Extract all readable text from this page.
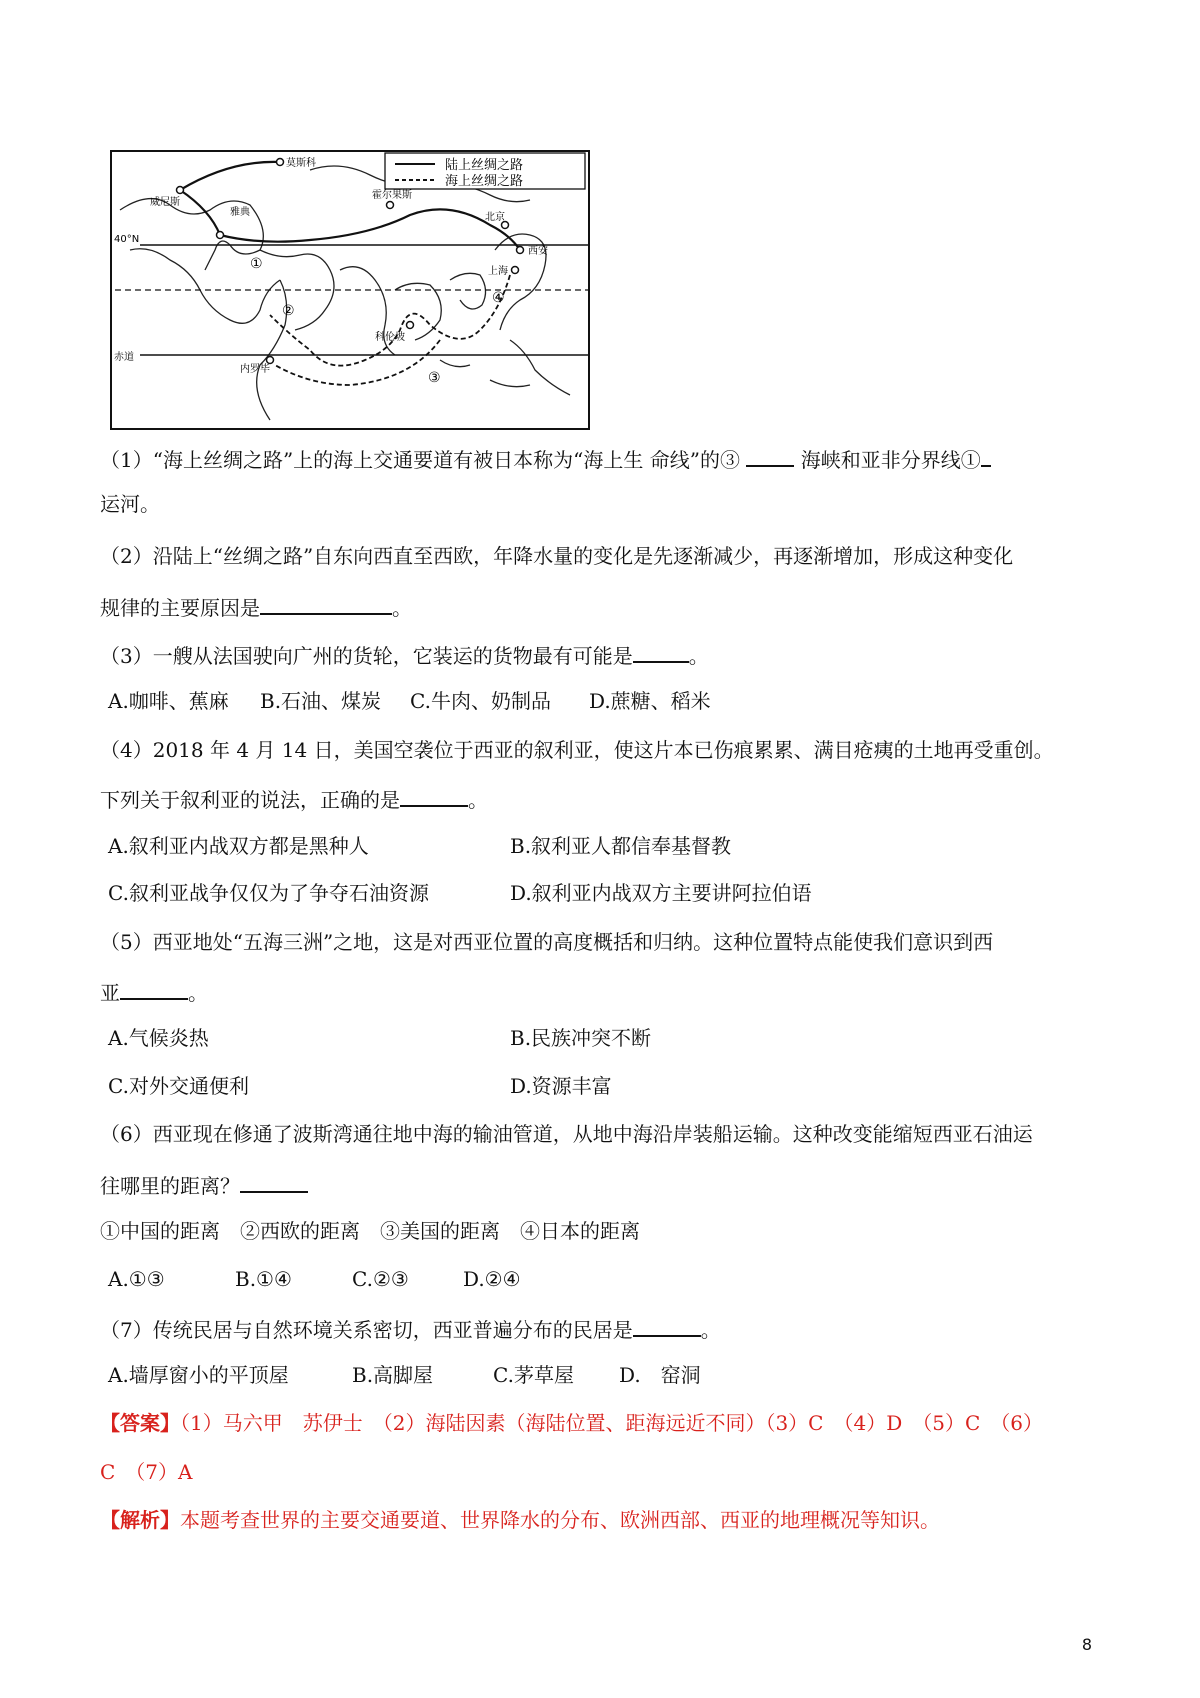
陆上丝绸之路
海上丝绸之路
莫斯科
威尼斯
雅典
霍尔果斯
北京
西安
上海
科伦坡
内罗毕
40°N
赤道
①
②
③
④
（1）“海上丝绸之路”上的海上交通要道有被日本称为“海上生 命线”的③	海峡和亚非分界线①
运河。
（2）沿陆上“丝绸之路”自东向西直至西欧，年降水量的变化是先逐渐减少，再逐渐增加，形成这种变化
规律的主要原因是	。
（3）一艘从法国驶向广州的货轮，它装运的货物最有可能是	。
A.咖啡、蕉麻 B.石油、煤炭 C.牛肉、奶制品 D.蔗糖、稻米
（4）2018 年 4 月 14 日，美国空袭位于西亚的叙利亚，使这片本已伤痕累累、满目疮痍的土地再受重创。
下列关于叙利亚的说法，正确的是	。
A.叙利亚内战双方都是黑种人	B.叙利亚人都信奉基督教
C.叙利亚战争仅仅为了争夺石油资源	D.叙利亚内战双方主要讲阿拉伯语
（5）西亚地处“五海三洲”之地，这是对西亚位置的高度概括和归纳。这种位置特点能使我们意识到西
亚	。
A.气候炎热	B.民族冲突不断
C.对外交通便利	D.资源丰富
（6）西亚现在修通了波斯湾通往地中海的输油管道，从地中海沿岸装船运输。这种改变能缩短西亚石油运
往哪里的距离？
①中国的距离　②西欧的距离　③美国的距离　④日本的距离
A.①③	B.①④	C.②③	D.②④
（7）传统民居与自然环境关系密切，西亚普遍分布的民居是	。
A.墙厚窗小的平顶屋	B.高脚屋	C.茅草屋 D.　窑洞
【答案】（1）马六甲　苏伊士　（2）海陆因素（海陆位置、距海远近不同）（3）C　（4）D　（5）C　（6）
C　（7）A
【解析】本题考查世界的主要交通要道、世界降水的分布、欧洲西部、西亚的地理概况等知识。
8
